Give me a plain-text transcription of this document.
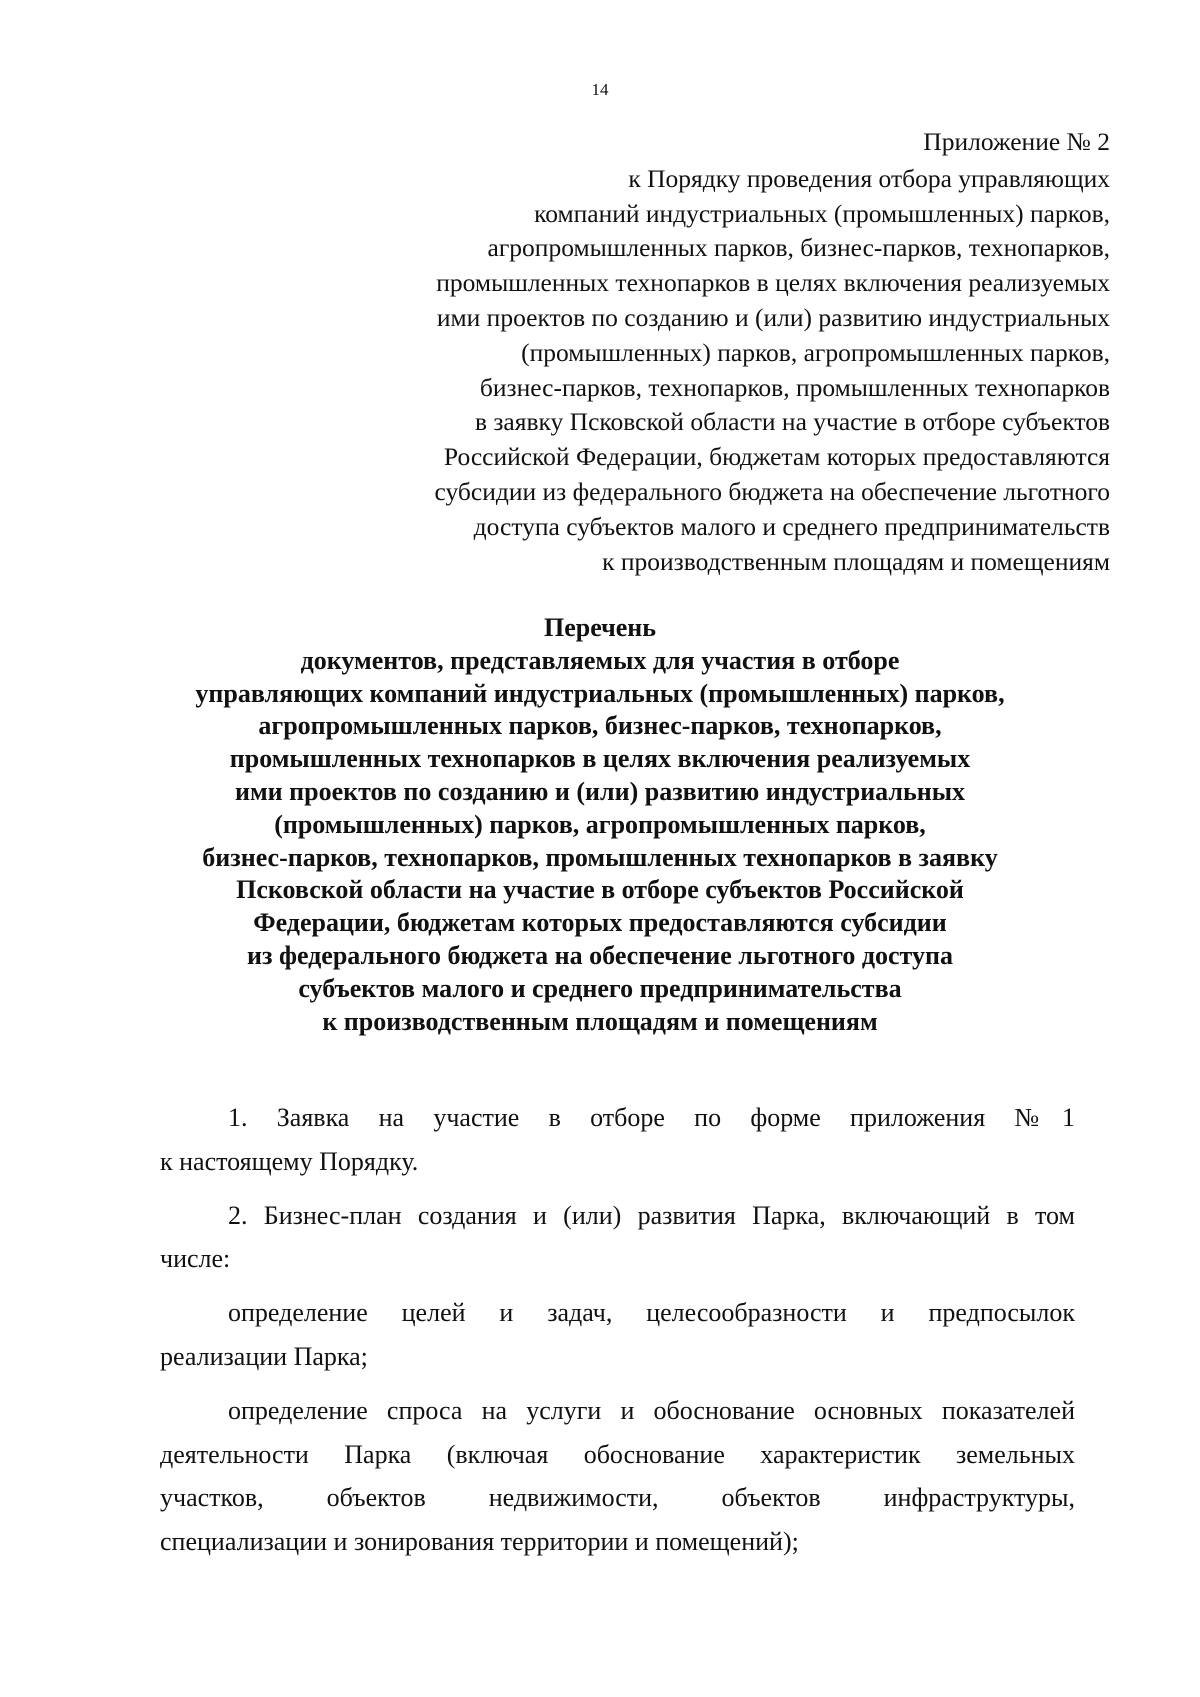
14
Приложение № 2
к Порядку проведения отбора управляющих
компаний индустриальных (промышленных) парков,
агропромышленных парков, бизнес-парков, технопарков,
промышленных технопарков в целях включения реализуемых
ими проектов по созданию и (или) развитию индустриальных
(промышленных) парков, агропромышленных парков,
бизнес-парков, технопарков, промышленных технопарков
в заявку Псковской области на участие в отборе субъектов
Российской Федерации, бюджетам которых предоставляются
субсидии из федерального бюджета на обеспечение льготного
доступа субъектов малого и среднего предпринимательств
к производственным площадям и помещениям
Перечень
документов, представляемых для участия в отборе
управляющих компаний индустриальных (промышленных) парков,
агропромышленных парков, бизнес-парков, технопарков,
промышленных технопарков в целях включения реализуемых
ими проектов по созданию и (или) развитию индустриальных
(промышленных) парков, агропромышленных парков,
бизнес-парков, технопарков, промышленных технопарков в заявку
Псковской области на участие в отборе субъектов Российской
Федерации, бюджетам которых предоставляются субсидии
из федерального бюджета на обеспечение льготного доступа
субъектов малого и среднего предпринимательства
к производственным площадям и помещениям
1. Заявка на участие в отборе по форме приложения №1
к настоящему Порядку.
2. Бизнес-план создания и (или) развития Парка, включающий в том
числе:
определение целей и задач, целесообразности и предпосылок
реализации Парка;
определение спроса на услуги и обоснование основных показателей
деятельности Парка (включая обоснование характеристик земельных
участков, объектов недвижимости, объектов инфраструктуры,
специализации и зонирования территории и помещений);
